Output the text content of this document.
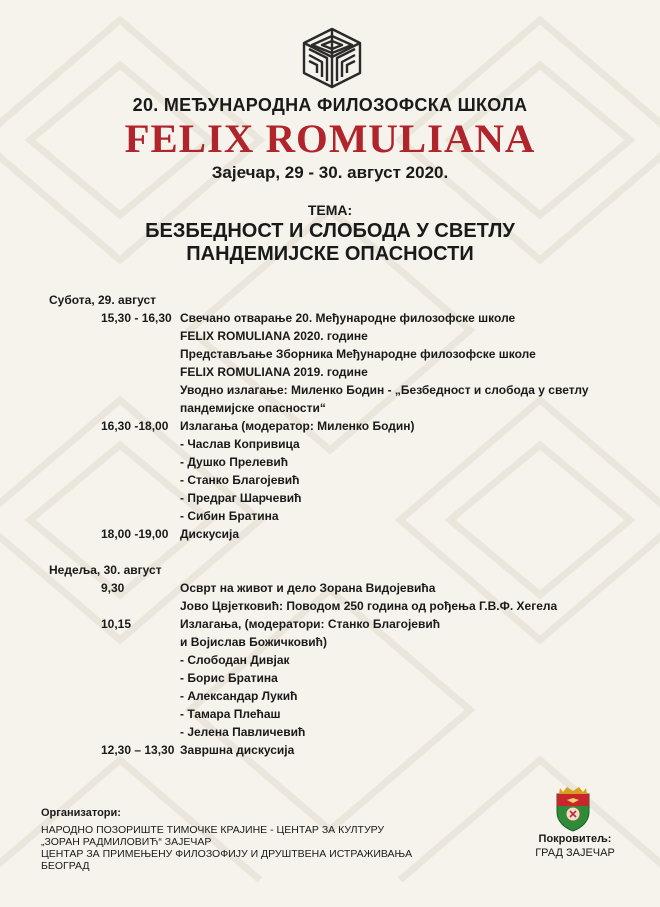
20. МЕЂУНАРОДНА ФИЛОЗОФСКА ШКОЛА
FELIX ROMULIANA
Зајечар, 29 - 30. август 2020.
ТЕМА:
БЕЗБЕДНОСТ И СЛОБОДА У СВЕТЛУ
ПАНДЕМИЈСКЕ ОПАСНОСТИ
Субота, 29. август
15,30 - 16,30 Свечано отварање 20. Међународне филозофске школе
FELIX ROMULIANA 2020. године
Представљање Зборника Међународне филозофске школе
FELIX ROMULIANA 2019. године
Уводно излагање: Миленко Бодин - „Безбедност и слобода у светлу
пандемијске опасности“
16,30 -18,00 Излагања (модератор: Миленко Бодин)
- Часлав Копривица
- Душко Прелевић
- Станко Благојевић
- Предраг Шарчевић
- Сибин Братина
18,00 -19,00 Дискусија
Недеља, 30. август
9,30	Осврт на живот и дело Зорана Видојевића
Јово Цвјетковић: Поводом 250 година од рођења Г.В.Ф. Хегела
10,15	Излагања, (модератори: Станко Благојевић
и Војислав Божичковић)
- Слободан Дивјак
- Борис Братина
- Александар Лукић
- Тамара Плећаш
- Јелена Павличевић
12,30 – 13,30 Завршна дискусија
Организатори:
НАРОДНО ПОЗОРИШТЕ ТИМОЧКЕ КРАЈИНЕ - ЦЕНТАР ЗА КУЛТУРУ
„ЗОРАН РАДМИЛОВИЋ“ ЗАЈЕЧАР
ЦЕНТАР ЗА ПРИМЕЊЕНУ ФИЛОЗОФИЈУ И ДРУШТВЕНА ИСТРАЖИВАЊА
БЕОГРАД
Покровитељ:
ГРАД ЗАЈЕЧАР
